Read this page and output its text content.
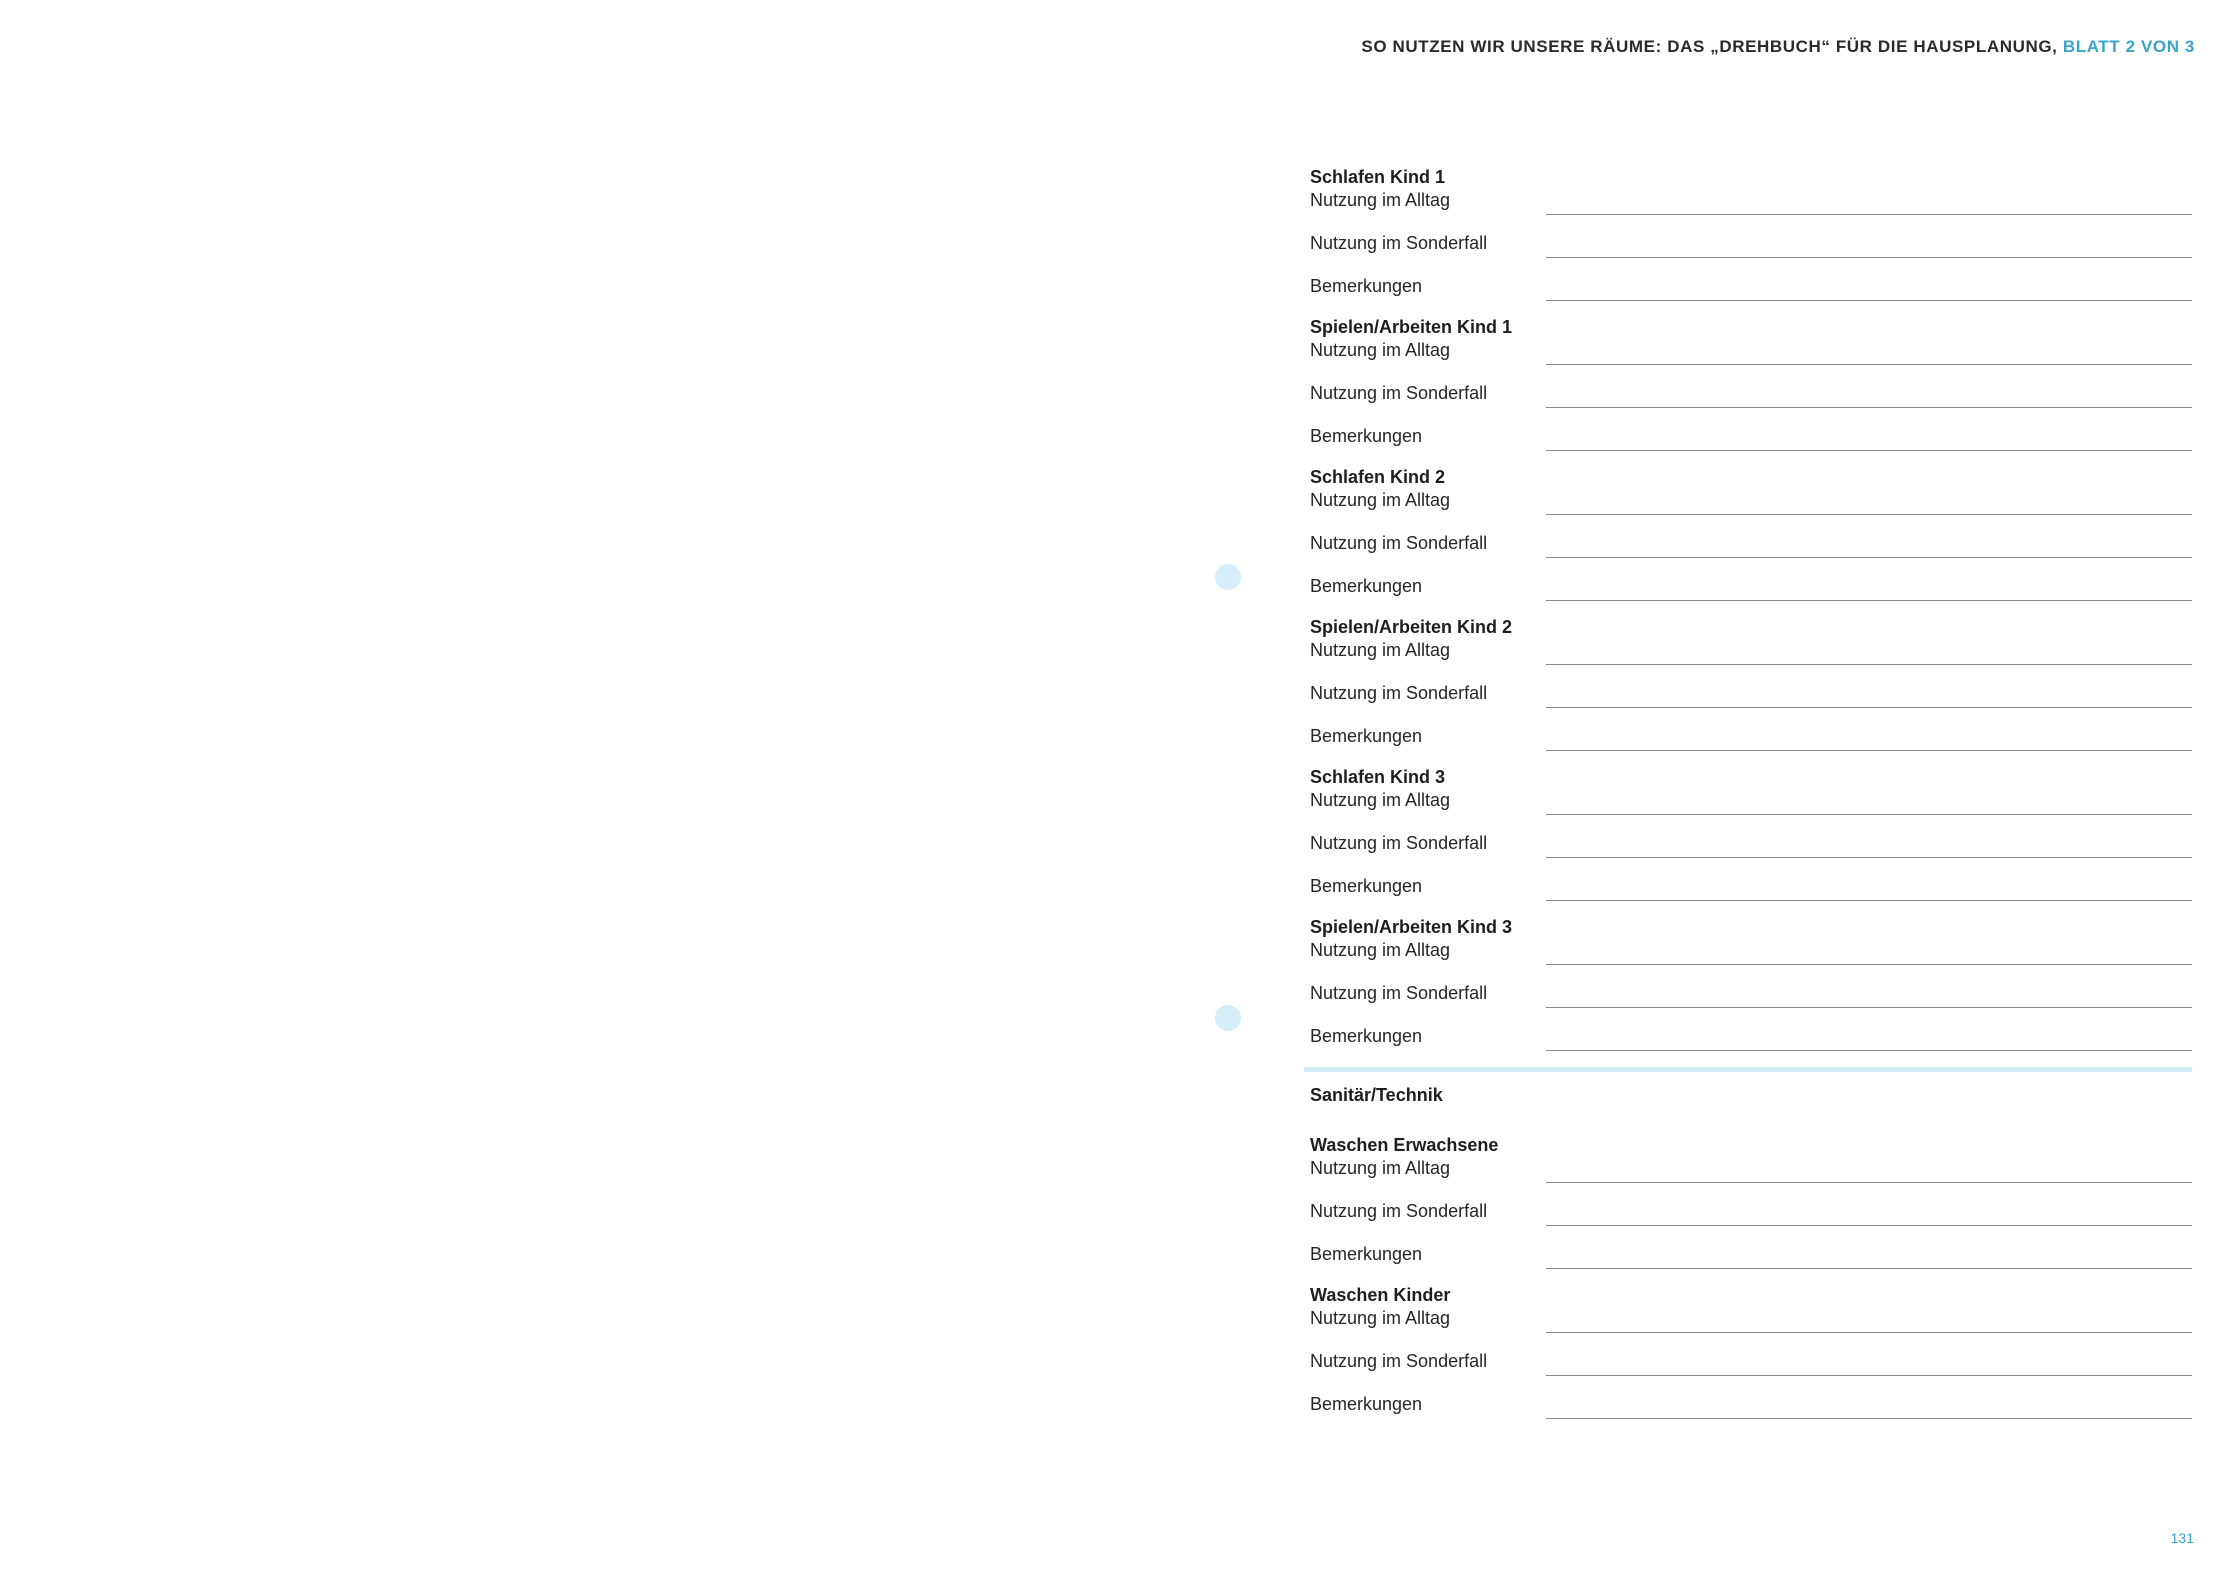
SO NUTZEN WIR UNSERE RÄUME: DAS „DREHBUCH“ FÜR DIE HAUSPLANUNG, BLATT 2 VON 3
Schlafen Kind 1
Nutzung im Alltag
Nutzung im Sonderfall
Bemerkungen
Spielen/Arbeiten Kind 1
Nutzung im Alltag
Nutzung im Sonderfall
Bemerkungen
Schlafen Kind 2
Nutzung im Alltag
Nutzung im Sonderfall
Bemerkungen
Spielen/Arbeiten Kind 2
Nutzung im Alltag
Nutzung im Sonderfall
Bemerkungen
Schlafen Kind 3
Nutzung im Alltag
Nutzung im Sonderfall
Bemerkungen
Spielen/Arbeiten Kind 3
Nutzung im Alltag
Nutzung im Sonderfall
Bemerkungen
Sanitär/Technik
Waschen Erwachsene
Nutzung im Alltag
Nutzung im Sonderfall
Bemerkungen
Waschen Kinder
Nutzung im Alltag
Nutzung im Sonderfall
Bemerkungen
131
